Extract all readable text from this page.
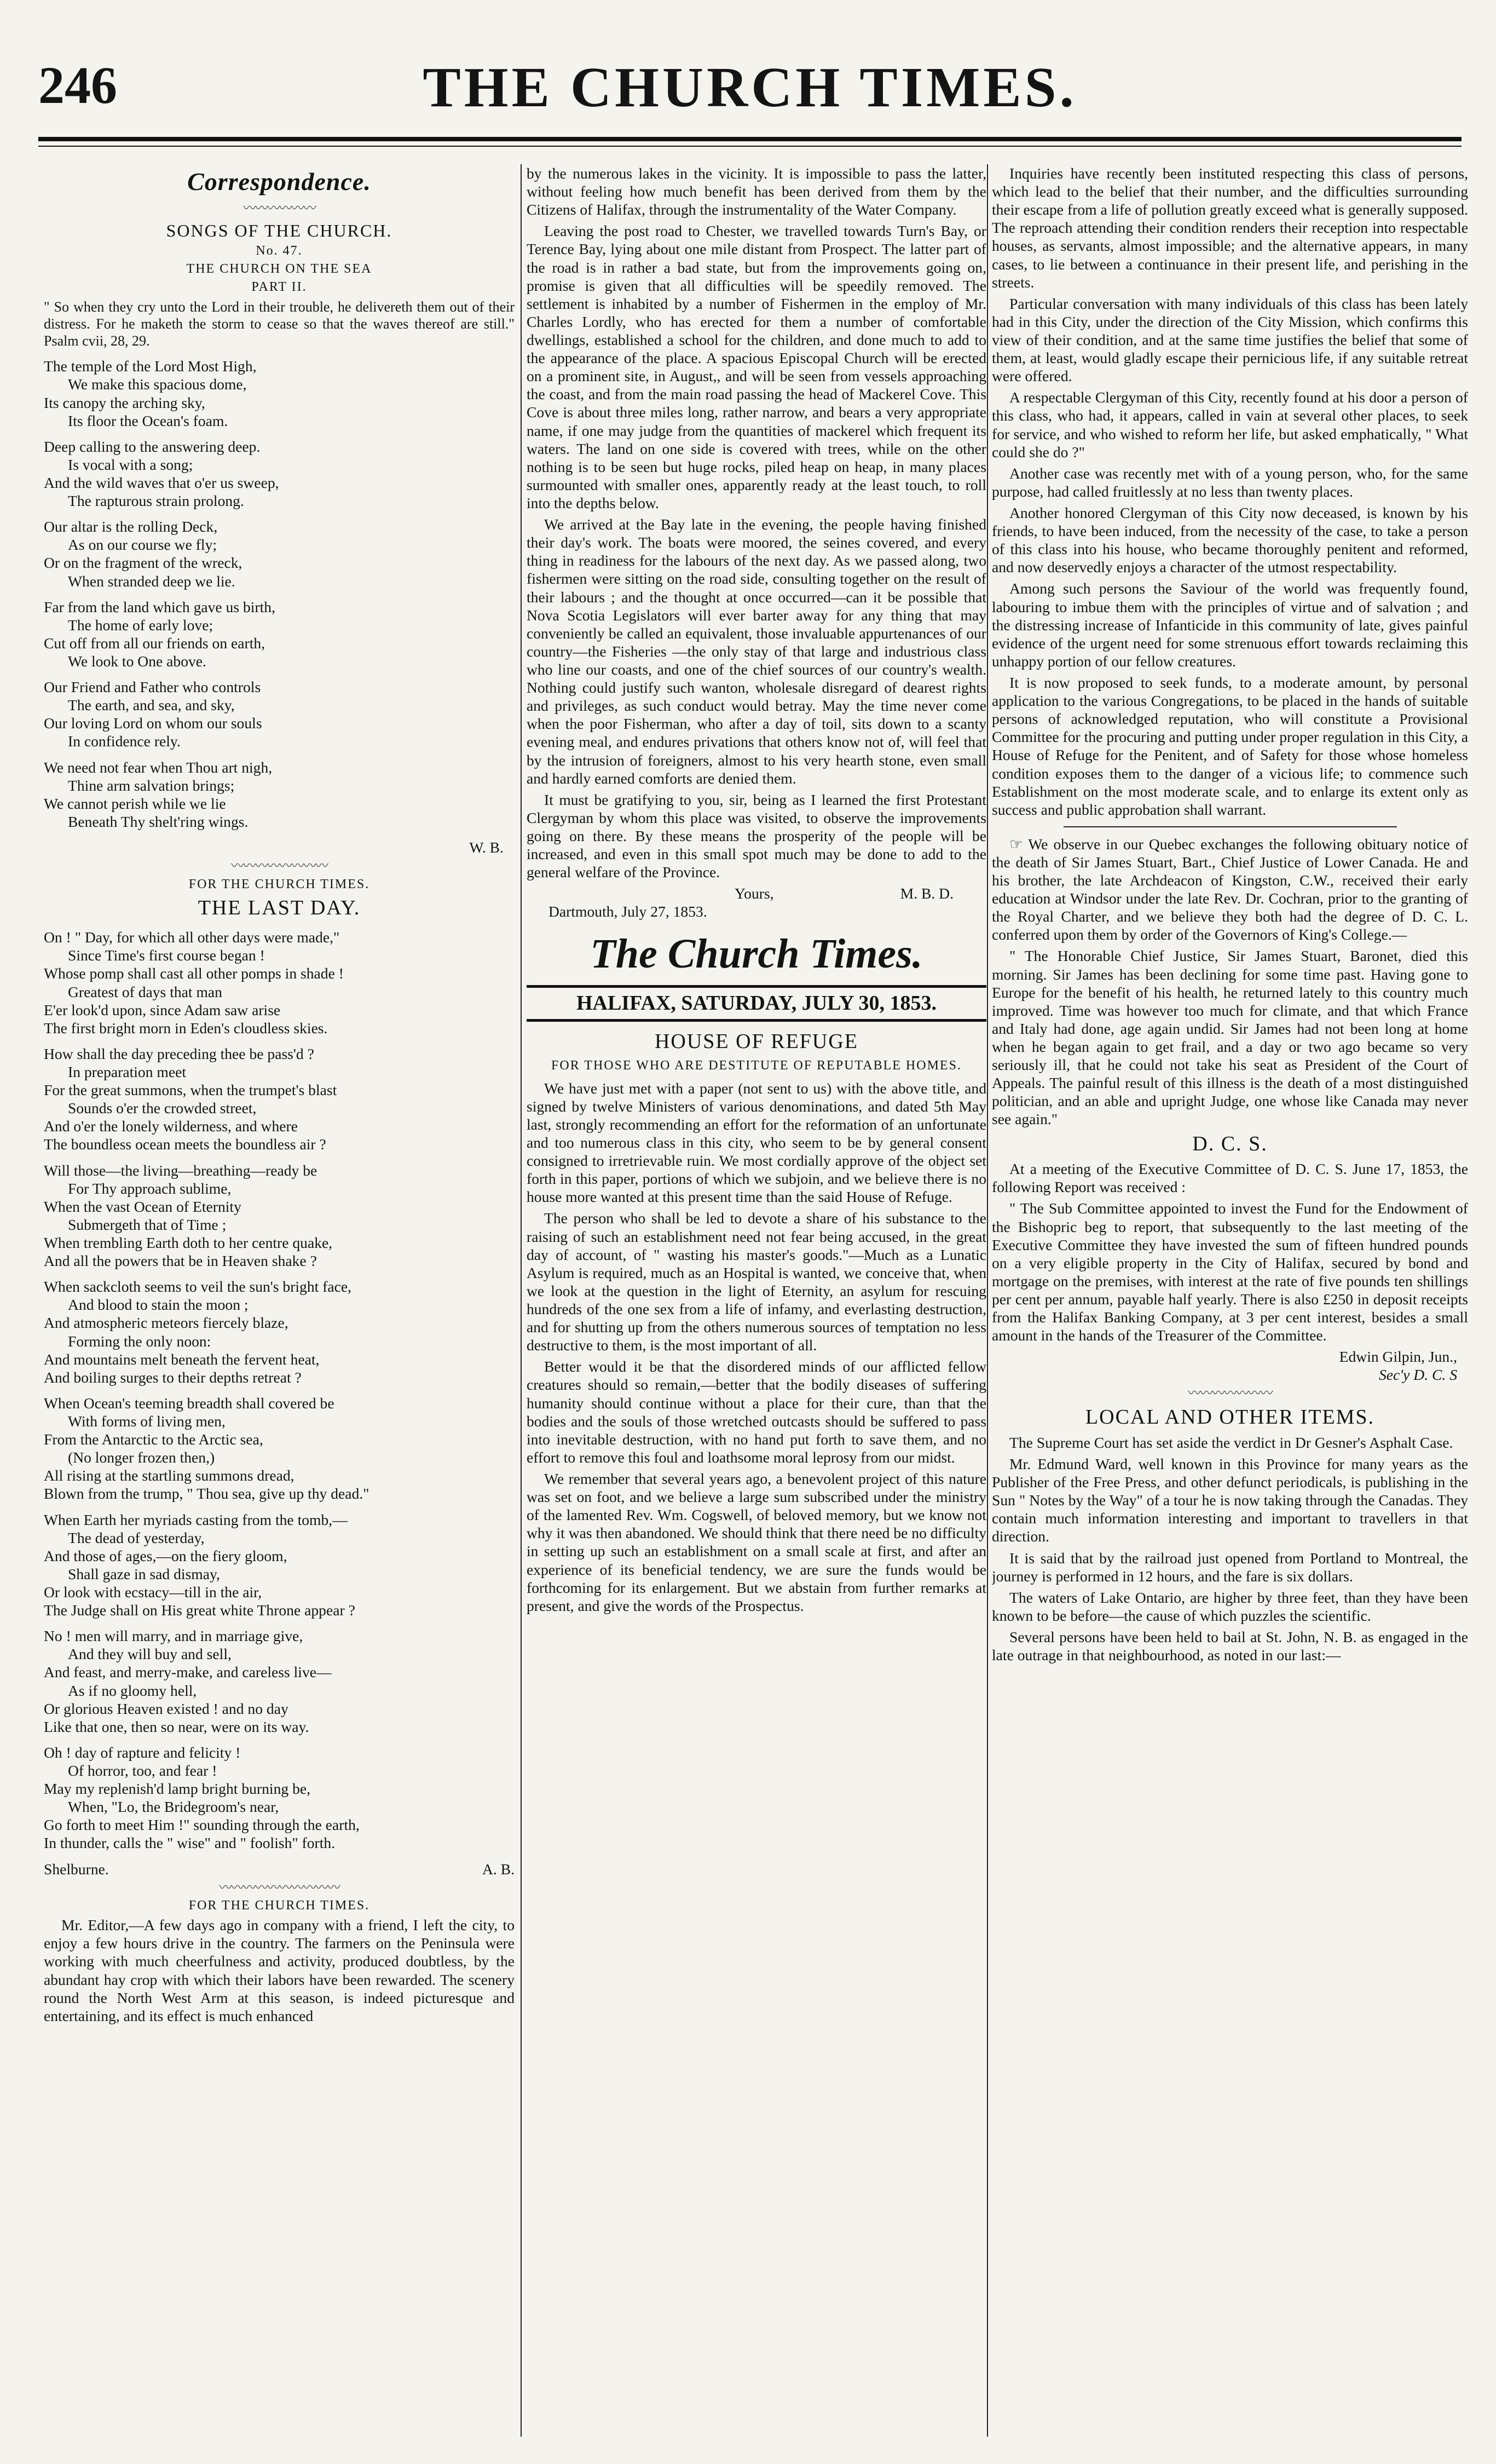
246	THE CHURCH TIMES.
Correspondence.
〰〰〰〰〰〰
SONGS OF THE CHURCH.
No. 47.
THE CHURCH ON THE SEA
PART II.
" So when they cry unto the Lord in their trouble, he delivereth them out of their distress. For he maketh the storm to cease so that the waves thereof are still." Psalm cvii, 28, 29.
The temple of the Lord Most High,
We make this spacious dome,
Its canopy the arching sky,
Its floor the Ocean's foam.
Deep calling to the answering deep.
Is vocal with a song;
And the wild waves that o'er us sweep,
The rapturous strain prolong.
Our altar is the rolling Deck,
As on our course we fly;
Or on the fragment of the wreck,
When stranded deep we lie.
Far from the land which gave us birth,
The home of early love;
Cut off from all our friends on earth,
We look to One above.
Our Friend and Father who controls
The earth, and sea, and sky,
Our loving Lord on whom our souls
In confidence rely.
We need not fear when Thou art nigh,
Thine arm salvation brings;
We cannot perish while we lie
Beneath Thy shelt'ring wings.
W. B.
〰〰〰〰〰〰〰〰
FOR THE CHURCH TIMES.
THE LAST DAY.
On ! " Day, for which all other days were made,"
Since Time's first course began !
Whose pomp shall cast all other pomps in shade !
Greatest of days that man
E'er look'd upon, since Adam saw arise
The first bright morn in Eden's cloudless skies.
How shall the day preceding thee be pass'd ?
In preparation meet
For the great summons, when the trumpet's blast
Sounds o'er the crowded street,
And o'er the lonely wilderness, and where
The boundless ocean meets the boundless air ?
Will those—the living—breathing—ready be
For Thy approach sublime,
When the vast Ocean of Eternity
Submergeth that of Time ;
When trembling Earth doth to her centre quake,
And all the powers that be in Heaven shake ?
When sackcloth seems to veil the sun's bright face,
And blood to stain the moon ;
And atmospheric meteors fiercely blaze,
Forming the only noon:
And mountains melt beneath the fervent heat,
And boiling surges to their depths retreat ?
When Ocean's teeming breadth shall covered be
With forms of living men,
From the Antarctic to the Arctic sea,
(No longer frozen then,)
All rising at the startling summons dread,
Blown from the trump, " Thou sea, give up thy dead."
When Earth her myriads casting from the tomb,—
The dead of yesterday,
And those of ages,—on the fiery gloom,
Shall gaze in sad dismay,
Or look with ecstacy—till in the air,
The Judge shall on His great white Throne appear ?
No ! men will marry, and in marriage give,
And they will buy and sell,
And feast, and merry-make, and careless live—
As if no gloomy hell,
Or glorious Heaven existed ! and no day
Like that one, then so near, were on its way.
Oh ! day of rapture and felicity !
Of horror, too, and fear !
May my replenish'd lamp bright burning be,
When, "Lo, the Bridegroom's near,
Go forth to meet Him !" sounding through the earth,
In thunder, calls the " wise" and " foolish" forth.
Shelburne.	A. B.
〰〰〰〰〰〰〰〰〰〰
FOR THE CHURCH TIMES.

Mr. Editor,—A few days ago in company with a friend, I left the city, to enjoy a few hours drive in the country. The farmers on the Peninsula were working with much cheerfulness and activity, produced doubtless, by the abundant hay crop with which their labors have been rewarded. The scenery round the North West Arm at this season, is indeed picturesque and entertaining, and its effect is much enhanced

by the numerous lakes in the vicinity. It is impossible to pass the latter, without feeling how much benefit has been derived from them by the Citizens of Halifax, through the instrumentality of the Water Company.

Leaving the post road to Chester, we travelled towards Turn's Bay, or Terence Bay, lying about one mile distant from Prospect. The latter part of the road is in rather a bad state, but from the improvements going on, promise is given that all difficulties will be speedily removed. The settlement is inhabited by a number of Fishermen in the employ of Mr. Charles Lordly, who has erected for them a number of comfortable dwellings, established a school for the children, and done much to add to the appearance of the place. A spacious Episcopal Church will be erected on a prominent site, in August,, and will be seen from vessels approaching the coast, and from the main road passing the head of Mackerel Cove. This Cove is about three miles long, rather narrow, and bears a very appropriate name, if one may judge from the quantities of mackerel which frequent its waters. The land on one side is covered with trees, while on the other nothing is to be seen but huge rocks, piled heap on heap, in many places surmounted with smaller ones, apparently ready at the least touch, to roll into the depths below.

We arrived at the Bay late in the evening, the people having finished their day's work. The boats were moored, the seines covered, and every thing in readiness for the labours of the next day. As we passed along, two fishermen were sitting on the road side, consulting together on the result of their labours ; and the thought at once occurred—can it be possible that Nova Scotia Legislators will ever barter away for any thing that may conveniently be called an equivalent, those invaluable appurtenances of our country—the Fisheries —the only stay of that large and industrious class who line our coasts, and one of the chief sources of our country's wealth. Nothing could justify such wanton, wholesale disregard of dearest rights and privileges, as such conduct would betray. May the time never come when the poor Fisherman, who after a day of toil, sits down to a scanty evening meal, and endures privations that others know not of, will feel that by the intrusion of foreigners, almost to his very hearth stone, even small and hardly earned comforts are denied them.

It must be gratifying to you, sir, being as I learned the first Protestant Clergyman by whom this place was visited, to observe the improvements going on there. By these means the prosperity of the people will be increased, and even in this small spot much may be done to add to the general welfare of the Province.

Yours,	M. B. D.
Dartmouth, July 27, 1853.
The Church Times.
HALIFAX, SATURDAY, JULY 30, 1853.
HOUSE OF REFUGE
FOR THOSE WHO ARE DESTITUTE OF REPUTABLE HOMES.

We have just met with a paper (not sent to us) with the above title, and signed by twelve Ministers of various denominations, and dated 5th May last, strongly recommending an effort for the reformation of an unfortunate and too numerous class in this city, who seem to be by general consent consigned to irretrievable ruin. We most cordially approve of the object set forth in this paper, portions of which we subjoin, and we believe there is no house more wanted at this present time than the said House of Refuge.

The person who shall be led to devote a share of his substance to the raising of such an establishment need not fear being accused, in the great day of account, of " wasting his master's goods."—Much as a Lunatic Asylum is required, much as an Hospital is wanted, we conceive that, when we look at the question in the light of Eternity, an asylum for rescuing hundreds of the one sex from a life of infamy, and everlasting destruction, and for shutting up from the others numerous sources of temptation no less destructive to them, is the most important of all.

Better would it be that the disordered minds of our afflicted fellow creatures should so remain,—better that the bodily diseases of suffering humanity should continue without a place for their cure, than that the bodies and the souls of those wretched outcasts should be suffered to pass into inevitable destruction, with no hand put forth to save them, and no effort to remove this foul and loathsome moral leprosy from our midst.

We remember that several years ago, a benevolent project of this nature was set on foot, and we believe a large sum subscribed under the ministry of the lamented Rev. Wm. Cogswell, of beloved memory, but we know not why it was then abandoned. We should think that there need be no difficulty in setting up such an establishment on a small scale at first, and after an experience of its beneficial tendency, we are sure the funds would be forthcoming for its enlargement. But we abstain from further remarks at present, and give the words of the Prospectus.

Inquiries have recently been instituted respecting this class of persons, which lead to the belief that their number, and the difficulties surrounding their escape from a life of pollution greatly exceed what is generally supposed. The reproach attending their condition renders their reception into respectable houses, as servants, almost impossible; and the alternative appears, in many cases, to lie between a continuance in their present life, and perishing in the streets.

Particular conversation with many individuals of this class has been lately had in this City, under the direction of the City Mission, which confirms this view of their condition, and at the same time justifies the belief that some of them, at least, would gladly escape their pernicious life, if any suitable retreat were offered.

A respectable Clergyman of this City, recently found at his door a person of this class, who had, it appears, called in vain at several other places, to seek for service, and who wished to reform her life, but asked emphatically, " What could she do ?"

Another case was recently met with of a young person, who, for the same purpose, had called fruitlessly at no less than twenty places.

Another honored Clergyman of this City now deceased, is known by his friends, to have been induced, from the necessity of the case, to take a person of this class into his house, who became thoroughly penitent and reformed, and now deservedly enjoys a character of the utmost respectability.

Among such persons the Saviour of the world was frequently found, labouring to imbue them with the principles of virtue and of salvation ; and the distressing increase of Infanticide in this community of late, gives painful evidence of the urgent need for some strenuous effort towards reclaiming this unhappy portion of our fellow creatures.

It is now proposed to seek funds, to a moderate amount, by personal application to the various Congregations, to be placed in the hands of suitable persons of acknowledged reputation, who will constitute a Provisional Committee for the procuring and putting under proper regulation in this City, a House of Refuge for the Penitent, and of Safety for those whose homeless condition exposes them to the danger of a vicious life; to commence such Establishment on the most moderate scale, and to enlarge its extent only as success and public approbation shall warrant.

☞ We observe in our Quebec exchanges the following obituary notice of the death of Sir James Stuart, Bart., Chief Justice of Lower Canada. He and his brother, the late Archdeacon of Kingston, C.W., received their early education at Windsor under the late Rev. Dr. Cochran, prior to the granting of the Royal Charter, and we believe they both had the degree of D. C. L. conferred upon them by order of the Governors of King's College.—

" The Honorable Chief Justice, Sir James Stuart, Baronet, died this morning. Sir James has been declining for some time past. Having gone to Europe for the benefit of his health, he returned lately to this country much improved. Time was however too much for climate, and that which France and Italy had done, age again undid. Sir James had not been long at home when he began again to get frail, and a day or two ago became so very seriously ill, that he could not take his seat as President of the Court of Appeals. The painful result of this illness is the death of a most distinguished politician, and an able and upright Judge, one whose like Canada may never see again."

D. C. S.

At a meeting of the Executive Committee of D. C. S. June 17, 1853, the following Report was received :

" The Sub Committee appointed to invest the Fund for the Endowment of the Bishopric beg to report, that subsequently to the last meeting of the Executive Committee they have invested the sum of fifteen hundred pounds on a very eligible property in the City of Halifax, secured by bond and mortgage on the premises, with interest at the rate of five pounds ten shillings per cent per annum, payable half yearly. There is also £250 in deposit receipts from the Halifax Banking Company, at 3 per cent interest, besides a small amount in the hands of the Treasurer of the Committee.

Edwin Gilpin, Jun.,
Sec'y D. C. S
〰〰〰〰〰〰〰
LOCAL AND OTHER ITEMS.

The Supreme Court has set aside the verdict in Dr Gesner's Asphalt Case.

Mr. Edmund Ward, well known in this Province for many years as the Publisher of the Free Press, and other defunct periodicals, is publishing in the Sun " Notes by the Way" of a tour he is now taking through the Canadas. They contain much information interesting and important to travellers in that direction.

It is said that by the railroad just opened from Portland to Montreal, the journey is performed in 12 hours, and the fare is six dollars.

The waters of Lake Ontario, are higher by three feet, than they have been known to be before—the cause of which puzzles the scientific.

Several persons have been held to bail at St. John, N. B. as engaged in the late outrage in that neighbourhood, as noted in our last:—
